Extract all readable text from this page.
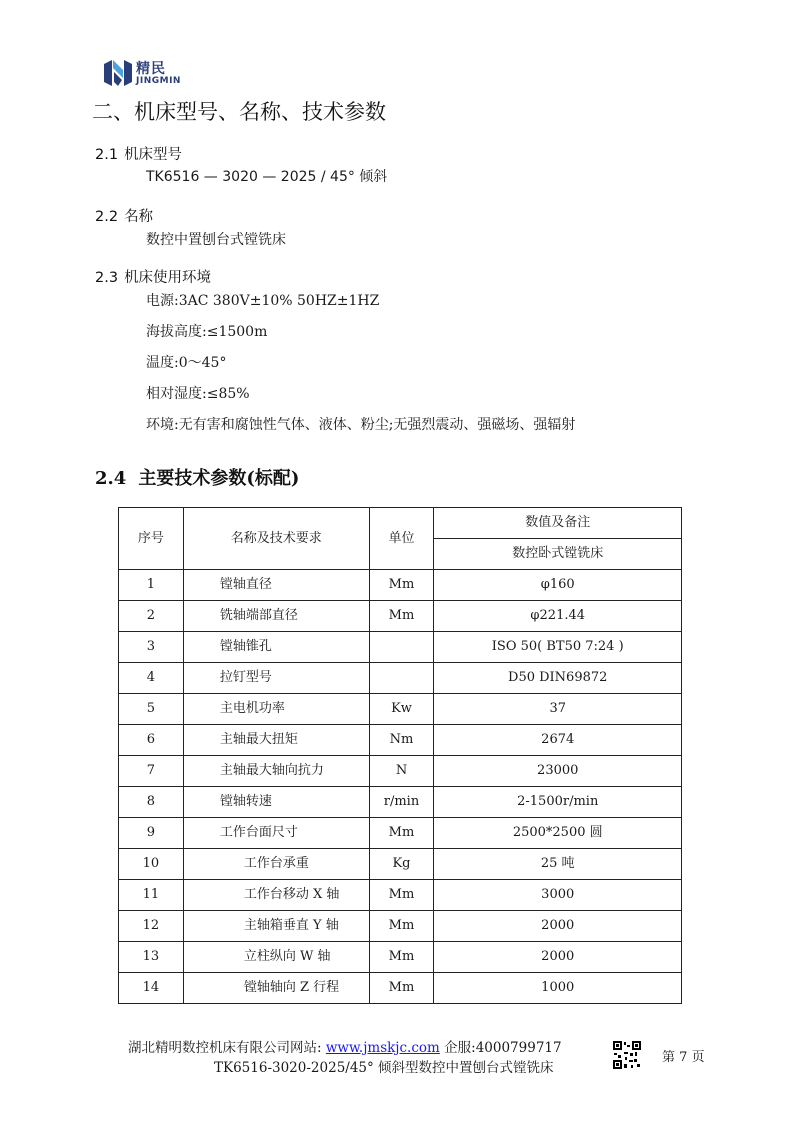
精民
JINGMIN
二、机床型号、名称、技术参数
2.1 机床型号
TK6516 — 3020 — 2025 / 45° 倾斜
2.2 名称
数控中置刨台式镗铣床
2.3 机床使用环境
电源:3AC 380V±10% 50HZ±1HZ
海拔高度:≤1500m
温度:0～45°
相对湿度:≤85%
环境:无有害和腐蚀性气体、液体、粉尘;无强烈震动、强磁场、强辐射
2.4 主要技术参数(标配)
序号	名称及技术要求	单位	数值及备注
			数控卧式镗铣床
1	镗轴直径	Mm	φ160
2	铣轴端部直径	Mm	φ221.44
3	镗轴锥孔		ISO 50( BT50 7:24 )
4	拉钉型号		D50 DIN69872
5	主电机功率	Kw	37
6	主轴最大扭矩	Nm	2674
7	主轴最大轴向抗力	N	23000
8	镗轴转速	r/min	2-1500r/min
9	工作台面尺寸	Mm	2500*2500 圆
10	工作台承重	Kg	25 吨
11	工作台移动 X 轴	Mm	3000
12	主轴箱垂直 Y 轴	Mm	2000
13	立柱纵向 W 轴	Mm	2000
14	镗轴轴向 Z 行程	Mm	1000
湖北精明数控机床有限公司网站: www.jmskjc.com 企服:4000799717
TK6516-3020-2025/45° 倾斜型数控中置刨台式镗铣床
第 7 页
